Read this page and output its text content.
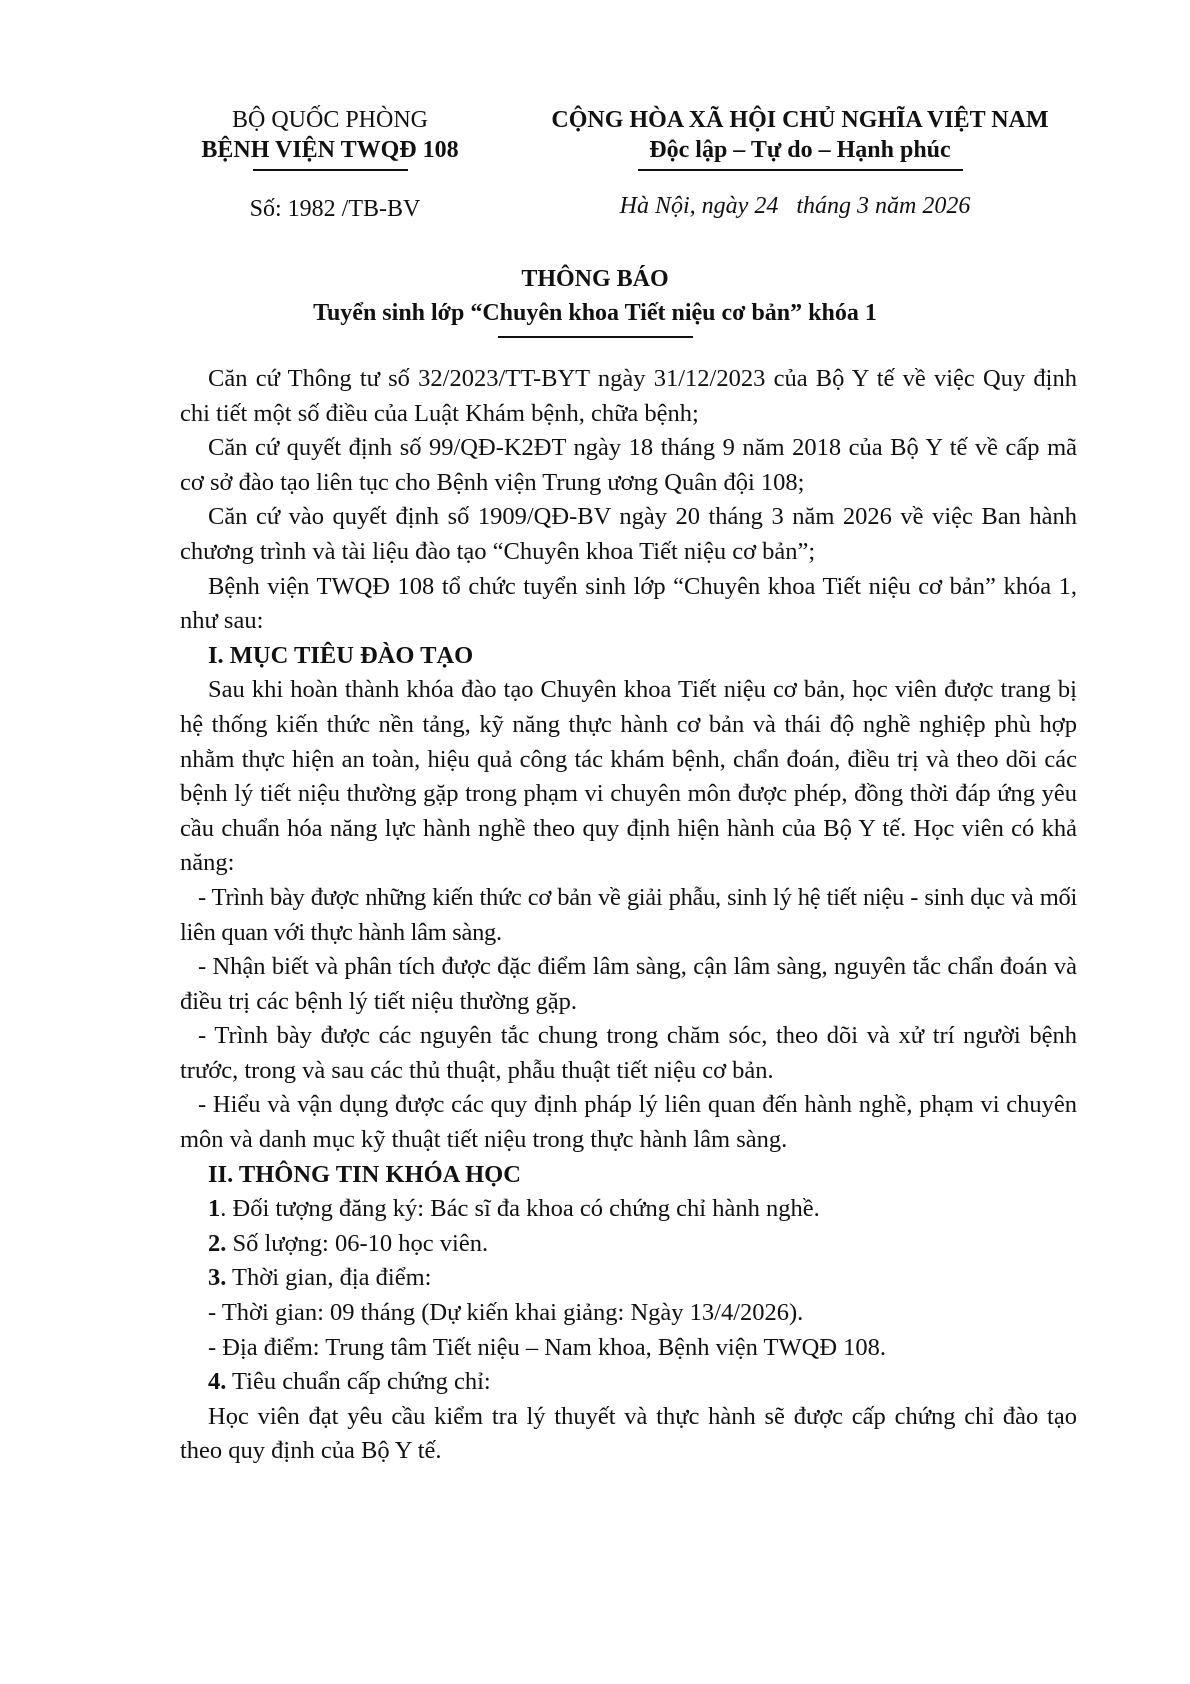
BỘ QUỐC PHÒNG
BỆNH VIỆN TWQĐ 108
CỘNG HÒA XÃ HỘI CHỦ NGHĨA VIỆT NAM
Độc lập – Tự do – Hạnh phúc
Số: 1982 /TB-BV	Hà Nội, ngày 24   tháng 3 năm 2026
THÔNG BÁO
Tuyển sinh lớp “Chuyên khoa Tiết niệu cơ bản” khóa 1

Căn cứ Thông tư số 32/2023/TT-BYT ngày 31/12/2023 của Bộ Y tế về việc Quy định chi tiết một số điều của Luật Khám bệnh, chữa bệnh;

Căn cứ quyết định số 99/QĐ-K2ĐT ngày 18 tháng 9 năm 2018 của Bộ Y tế về cấp mã cơ sở đào tạo liên tục cho Bệnh viện Trung ương Quân đội 108;

Căn cứ vào quyết định số 1909/QĐ-BV ngày 20 tháng 3 năm 2026 về việc Ban hành chương trình và tài liệu đào tạo “Chuyên khoa Tiết niệu cơ bản”;

Bệnh viện TWQĐ 108 tổ chức tuyển sinh lớp “Chuyên khoa Tiết niệu cơ bản” khóa 1, như sau:

I. MỤC TIÊU ĐÀO TẠO

Sau khi hoàn thành khóa đào tạo Chuyên khoa Tiết niệu cơ bản, học viên được trang bị hệ thống kiến thức nền tảng, kỹ năng thực hành cơ bản và thái độ nghề nghiệp phù hợp nhằm thực hiện an toàn, hiệu quả công tác khám bệnh, chẩn đoán, điều trị và theo dõi các bệnh lý tiết niệu thường gặp trong phạm vi chuyên môn được phép, đồng thời đáp ứng yêu cầu chuẩn hóa năng lực hành nghề theo quy định hiện hành của Bộ Y tế. Học viên có khả năng:

- Trình bày được những kiến thức cơ bản về giải phẫu, sinh lý hệ tiết niệu - sinh dục và mối liên quan với thực hành lâm sàng.

- Nhận biết và phân tích được đặc điểm lâm sàng, cận lâm sàng, nguyên tắc chẩn đoán và điều trị các bệnh lý tiết niệu thường gặp.

- Trình bày được các nguyên tắc chung trong chăm sóc, theo dõi và xử trí người bệnh trước, trong và sau các thủ thuật, phẫu thuật tiết niệu cơ bản.

- Hiểu và vận dụng được các quy định pháp lý liên quan đến hành nghề, phạm vi chuyên môn và danh mục kỹ thuật tiết niệu trong thực hành lâm sàng.

II. THÔNG TIN KHÓA HỌC

1. Đối tượng đăng ký: Bác sĩ đa khoa có chứng chỉ hành nghề.

2. Số lượng: 06-10 học viên.

3. Thời gian, địa điểm:

- Thời gian: 09 tháng (Dự kiến khai giảng: Ngày 13/4/2026).

- Địa điểm: Trung tâm Tiết niệu – Nam khoa, Bệnh viện TWQĐ 108.

4. Tiêu chuẩn cấp chứng chỉ:

Học viên đạt yêu cầu kiểm tra lý thuyết và thực hành sẽ được cấp chứng chỉ đào tạo theo quy định của Bộ Y tế.
